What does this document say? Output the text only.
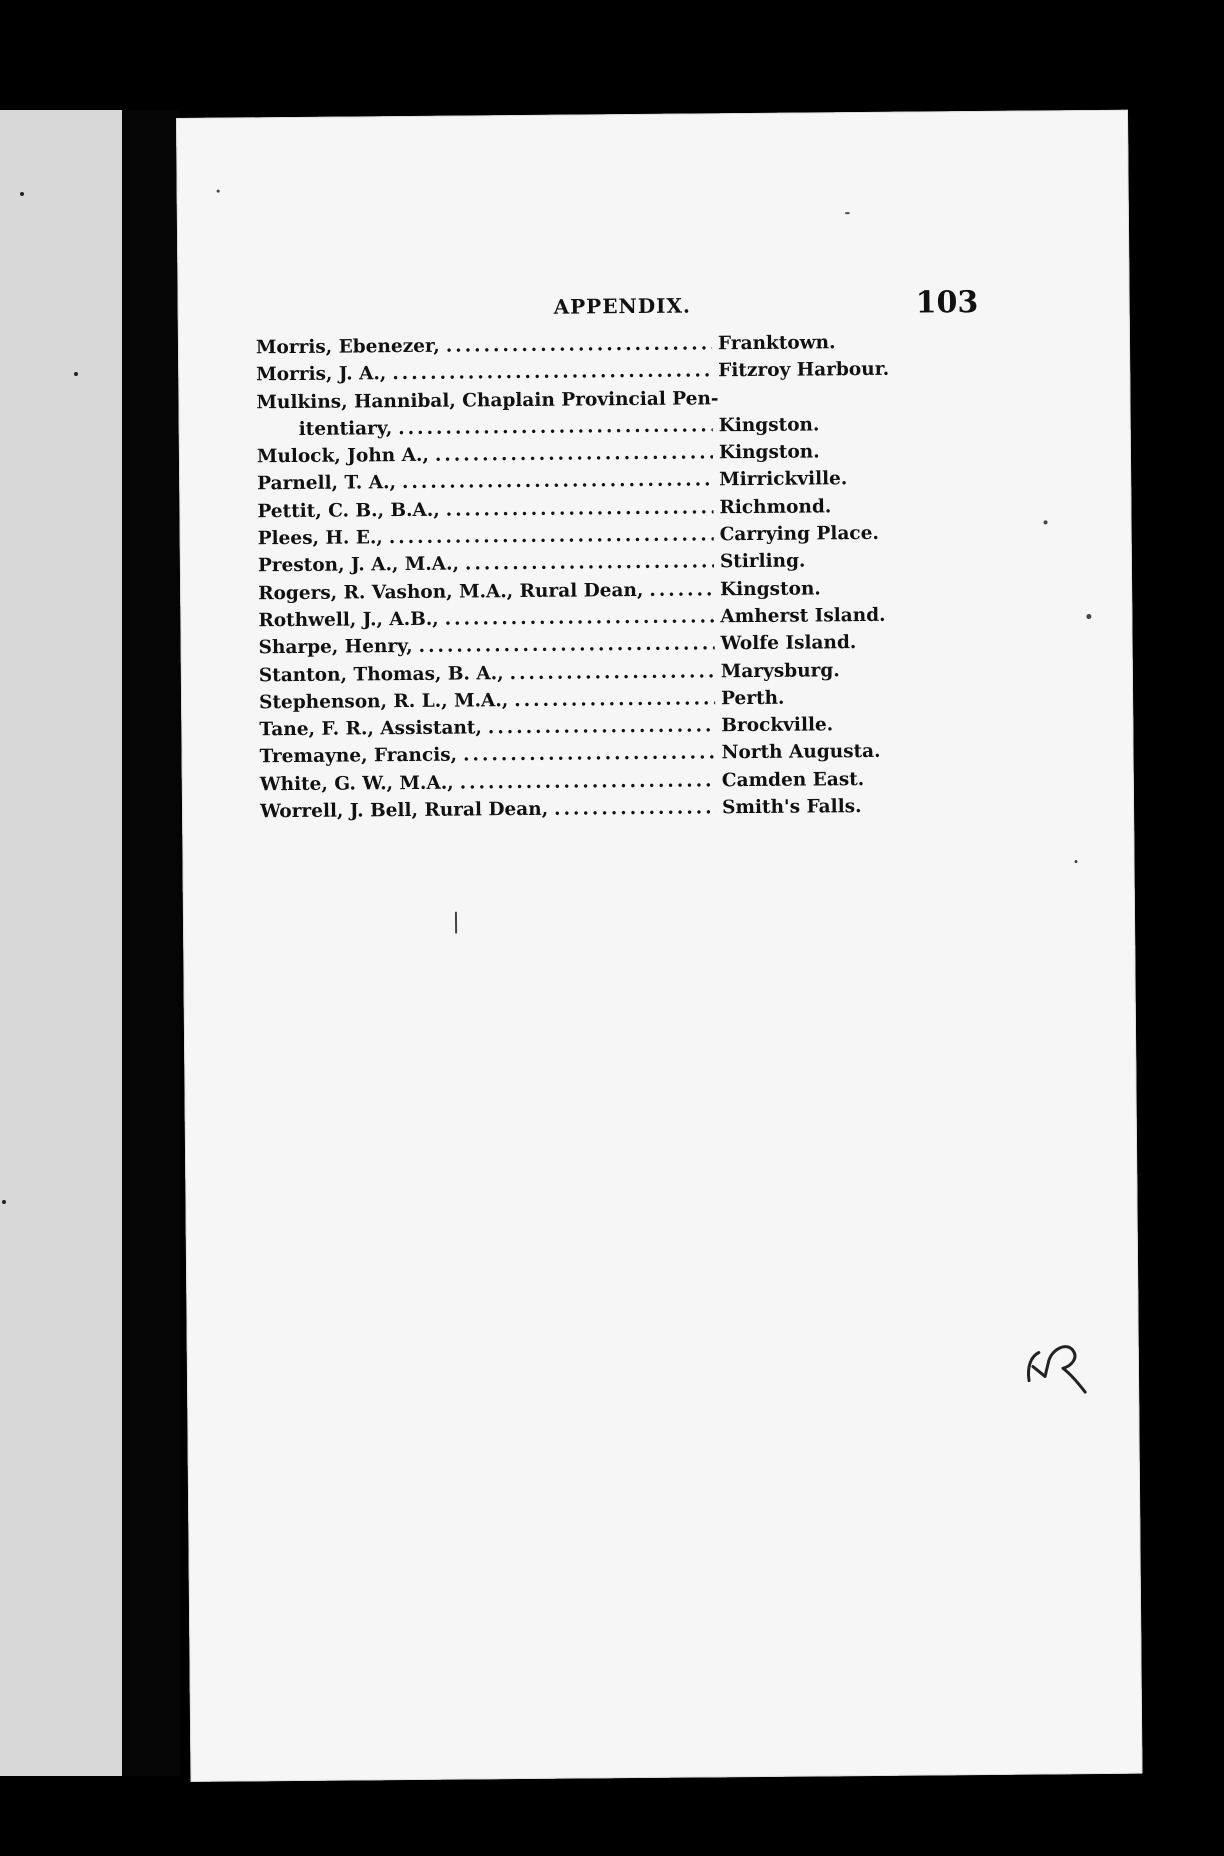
APPENDIX.	103
Morris, Ebenezer, .....	Franktown.
Morris, J. A., .....	Fitzroy Harbour.
Mulkins, Hannibal, Chaplain Provincial Pen-
itentiary, .....	Kingston.
Mulock, John A., .....	Kingston.
Parnell, T. A., .....	Mirrickville.
Pettit, C. B., B.A., .....	Richmond.
Plees, H. E., .....	Carrying Place.
Preston, J. A., M.A., .....	Stirling.
Rogers, R. Vashon, M.A., Rural Dean, .....	Kingston.
Rothwell, J., A.B., .....	Amherst Island.
Sharpe, Henry, .....	Wolfe Island.
Stanton, Thomas, B. A., .....	Marysburg.
Stephenson, R. L., M.A., .....	Perth.
Tane, F. R., Assistant, .....	Brockville.
Tremayne, Francis, .....	North Augusta.
White, G. W., M.A., .....	Camden East.
Worrell, J. Bell, Rural Dean, .....	Smith's Falls.
